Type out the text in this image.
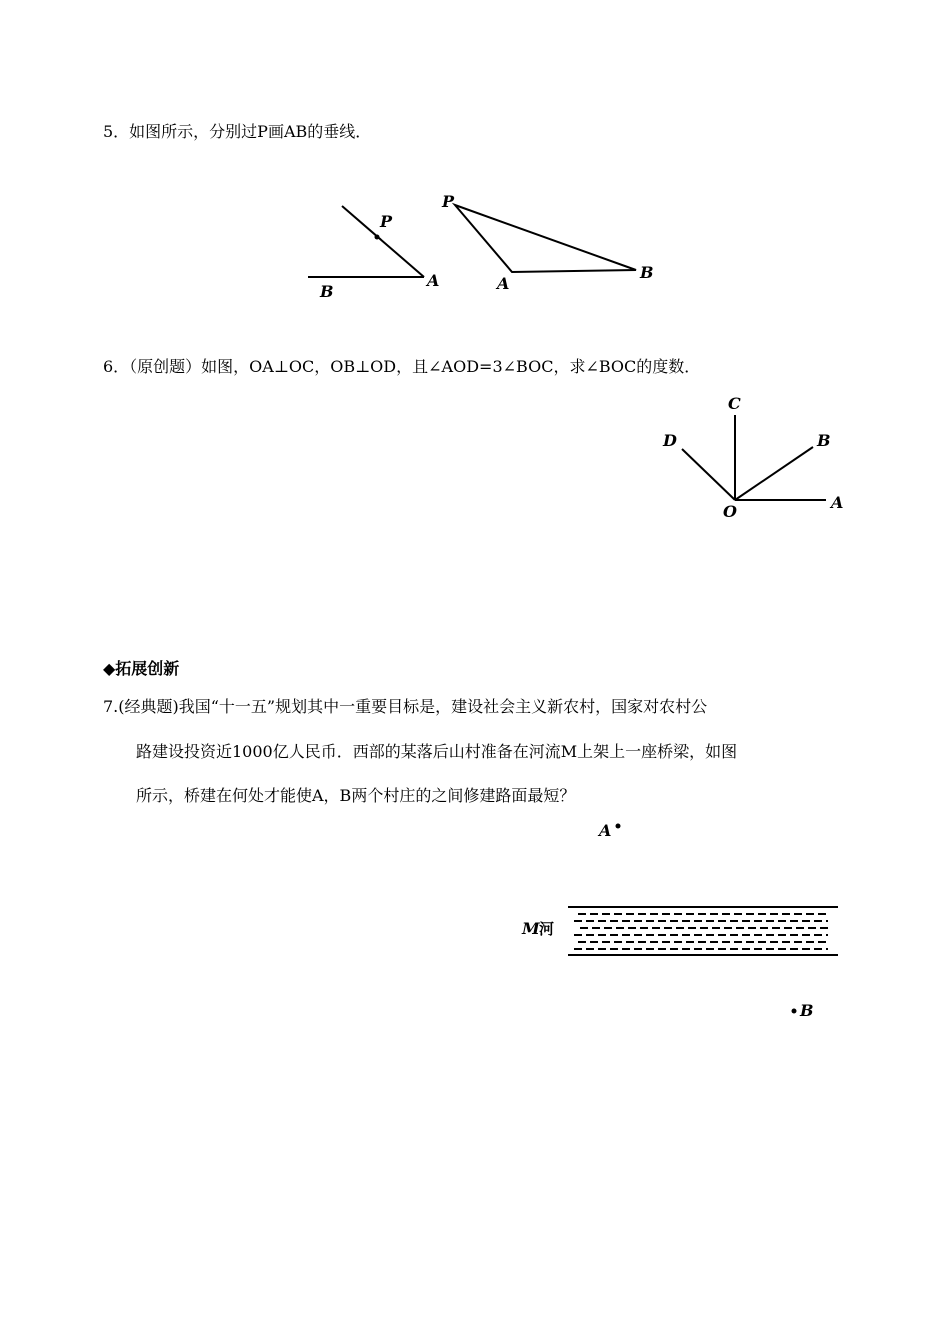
5．如图所示，分别过P画AB的垂线．
6．（原创题）如图，OA⊥OC，OB⊥OD，且∠AOD=3∠BOC，求∠BOC的度数．
◆拓展创新
7.(经典题)我国“十一五”规划其中一重要目标是，建设社会主义新农村，国家对农村公
路建设投资近1000亿人民币．西部的某落后山村准备在河流M上架上一座桥梁，如图
所示，桥建在何处才能使A，B两个村庄的之间修建路面最短？
P
A
B
P
A
B
C
D	B
O	A
A
M 河
B
